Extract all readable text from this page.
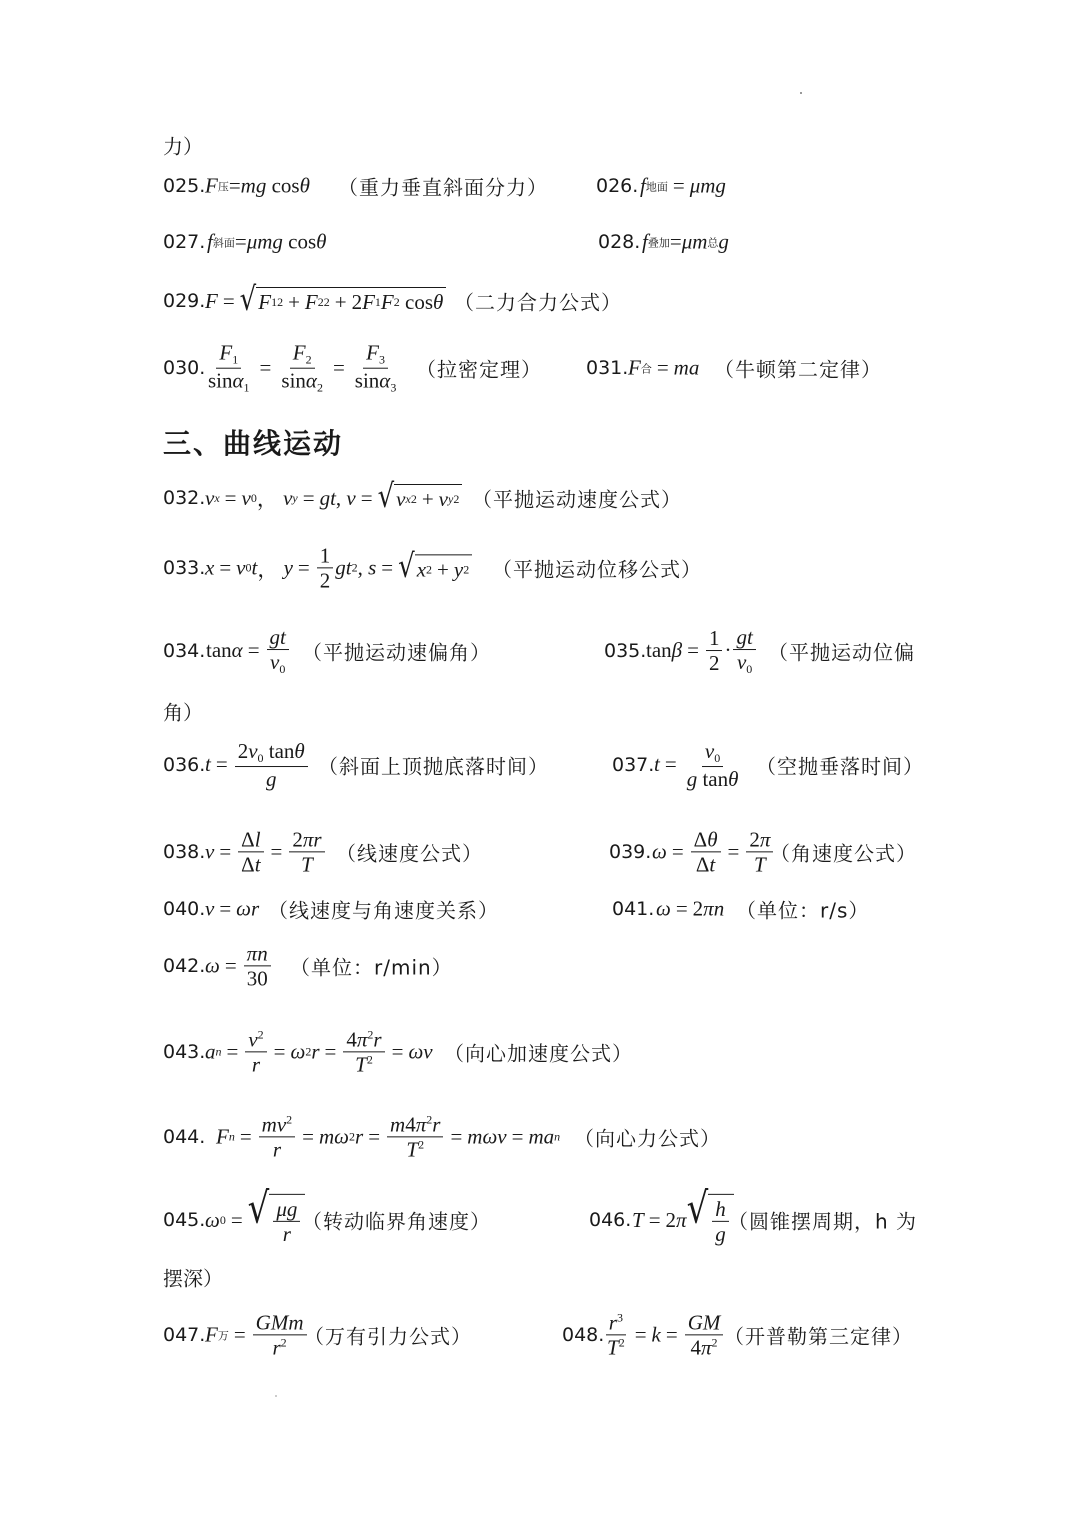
力）
025. F 压 = mg cos θ （重力垂直斜面分力）	026. f 地面 = μmg
027. f 斜面 = μmg cos θ	028. f 叠加 = μm 总 g
029. F = √ F 1 2 + F 2 2 + 2 F 1 F 2 cos θ （二力合力公式）
030. $\frac{F_1}{\sin\alpha_1} = \frac{F_2}{\sin\alpha_2} = \frac{F_3}{\sin\alpha_3}$ （拉密定理） 031. F 合 = ma （牛顿第二定律）
三、曲线运动
032. v x = v 0 ， v y = gt , v = √ v x 2 + v y 2 （平抛运动速度公式）
033. x = v 0 t ， $y = \frac{1}{2}$ gt 2 , s = √ x 2 + y 2 （平抛运动位移公式）
034. $\tan \alpha = \frac{gt}{v_0}$ （平抛运动速偏角）	035. $\tan \beta = \frac{1}{2} \cdot \frac{gt}{v_0}$ （平抛运动位偏
角）
036. $t = \frac{2v_0 \tan\theta}{g}$ （斜面上顶抛底落时间）	037. $t = \frac{v_0}{\text{g tanθ}}$ （空抛垂落时间）
038. $v = \frac{\Delta l}{\Delta t} = \frac{2\pi r}{T}$ （线速度公式）	039. $\omega = \frac{\Delta\theta}{\Delta t} = \frac{2\pi}{T}$
（角速度公式）
040. v = ωr （线速度与角速度关系）	041. ω = 2 πn （单位：r/s）
042. $\omega = \frac{\pi n}{30}$ （单位：r/min）
043. a $n = \frac{v^2}{r} = \omega$ 2 $r = \frac{4\pi^2r}{T^2} = \omega v$ （向心加速度公式）
044. F $n = \frac{mv^2}{r} = m\omega$ 2 $r = \frac{m4\pi^2r}{T^2} = m\omega v$ = ma n （向心力公式）
045. ω 0 = √ $\frac{\mu g}{r}$ （转动临界角速度）	046. T = 2 π √ $\frac{h}{g}$ （圆锥摆周期，h 为
摆深）
047. F 万 = $\frac{\text{GMm}}{r^2}$
（万有引力公式）	048. $\frac{r^3}{T^2} = k = \frac{GM}{4\pi^2}$ （开普勒第三定律）
